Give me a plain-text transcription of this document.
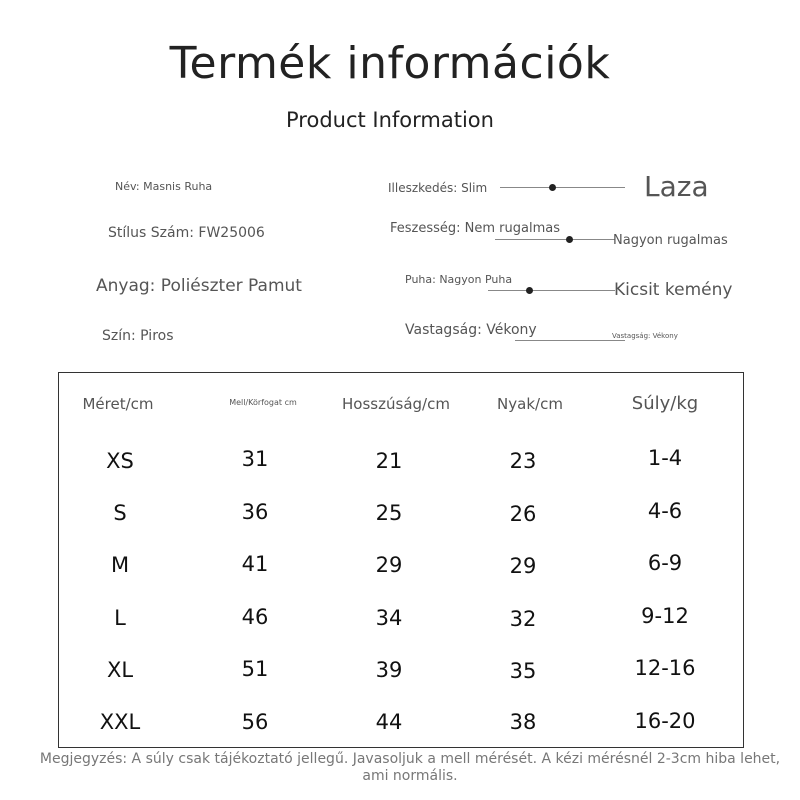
Termék információk
Product Information
Név: Masnis Ruha
Stílus Szám: FW25006
Anyag: Poliészter Pamut
Szín: Piros
Illeszkedés: Slim	Laza
Feszesség: Nem rugalmas
Nagyon rugalmas
Puha: Nagyon Puha
Kicsit kemény
Vastagság: Vékony	Vastagság: Vékony
Méret/cm	Mell/Körfogat cm	Hosszúság/cm	Nyak/cm	Súly/kg
XS	31	21	23	1-4
S	36	25	26	4-6
M	41	29	29	6-9
L	46	34	32	9-12
XL	51	39	35	12-16
XXL	56	44	38	16-20
Megjegyzés: A súly csak tájékoztató jellegű. Javasoljuk a mell mérését. A kézi mérésnél 2-3cm hiba lehet, ami normális.
